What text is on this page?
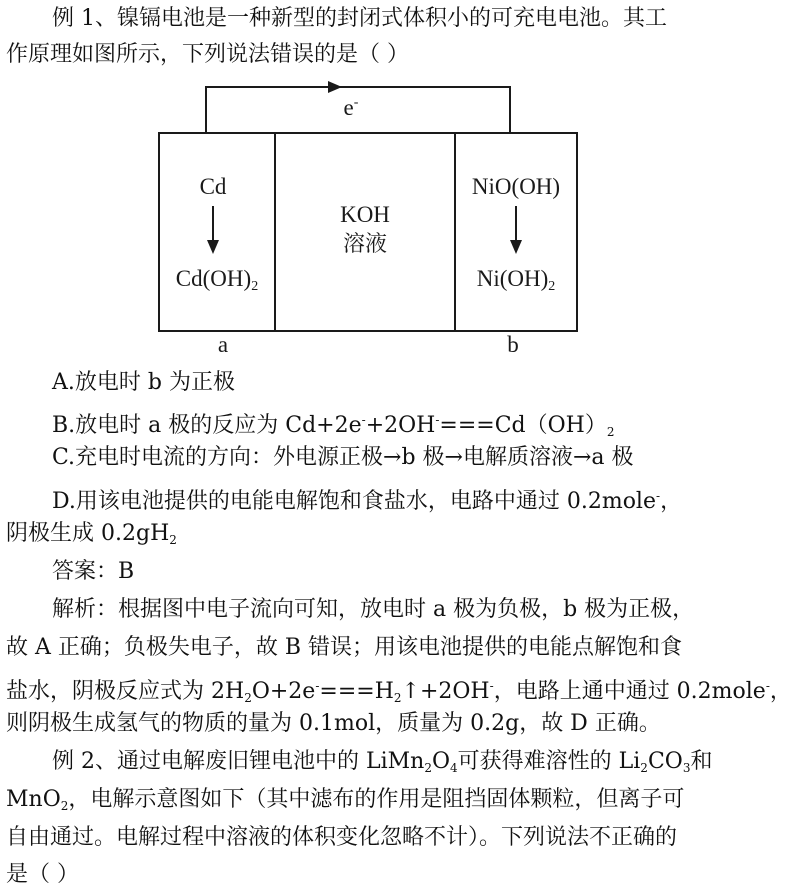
例 1、镍镉电池是一种新型的封闭式体积小的可充电电池。其工
作原理如图所示，下列说法错误的是（ ）
e-
Cd
$Cd(OH)_2$
KOH
溶液
NiO(OH)
$Ni(OH)_2$
a	b
A.放电时 b 为正极
B.放电时 a 极的反应为 $Cd+2e^-+2OH^-===Cd(OH)_2$
C.充电时电流的方向：外电源正极→b 极→电解质溶液→a 极
D.用该电池提供的电能电解饱和食盐水，电路中通过 0.2mole-，
阴极生成 $0.2gH_2$
答案：B
解析：根据图中电子流向可知，放电时 a 极为负极，b 极为正极，
故 A 正确；负极失电子，故 B 错误；用该电池提供的电能点解饱和食
盐水，阴极反应式为 $2H_2O+2e^-===H_2↑+2OH^-$，电路上通中通过 0.2mole-，
则阴极生成氢气的物质的量为 0.1mol，质量为 0.2g，故 D 正确。
例 2、通过电解废旧锂电池中的 $LiMn_2O_4$可获得难溶性的 $Li_2CO_3$和
MnO$_2$，电解示意图如下（其中滤布的作用是阻挡固体颗粒，但离子可
自由通过。电解过程中溶液的体积变化忽略不计）。下列说法不正确的
是（ ）
